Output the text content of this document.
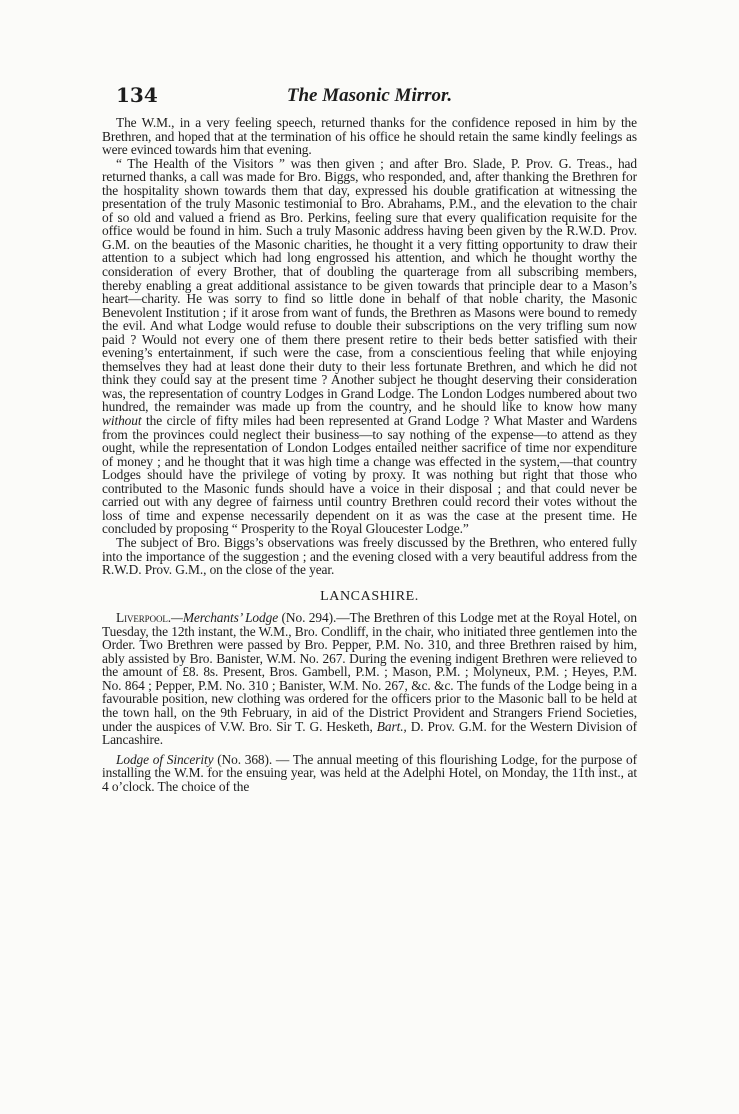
134	The Masonic Mirror.

The W.M., in a very feeling speech, returned thanks for the confidence reposed in him by the Brethren, and hoped that at the termination of his office he should retain the same kindly feelings as were evinced towards him that evening.

“ The Health of the Visitors ” was then given ; and after Bro. Slade, P. Prov. G. Treas., had returned thanks, a call was made for Bro. Biggs, who responded, and, after thanking the Brethren for the hospitality shown towards them that day, expressed his double gratification at witnessing the presentation of the truly Masonic testimonial to Bro. Abrahams, P.M., and the elevation to the chair of so old and valued a friend as Bro. Perkins, feeling sure that every qualification requisite for the office would be found in him. Such a truly Masonic address having been given by the R.W.D. Prov. G.M. on the beauties of the Masonic charities, he thought it a very fitting opportunity to draw their attention to a subject which had long engrossed his attention, and which he thought worthy the consideration of every Brother, that of doubling the quarterage from all subscribing members, thereby enabling a great additional assistance to be given towards that principle dear to a Mason’s heart—charity. He was sorry to find so little done in behalf of that noble charity, the Masonic Benevolent Institution ; if it arose from want of funds, the Brethren as Masons were bound to remedy the evil. And what Lodge would refuse to double their subscriptions on the very trifling sum now paid ? Would not every one of them there present retire to their beds better satisfied with their evening’s entertainment, if such were the case, from a conscientious feeling that while enjoying themselves they had at least done their duty to their less fortunate Brethren, and which he did not think they could say at the present time ? Another subject he thought deserving their consideration was, the representation of country Lodges in Grand Lodge. The London Lodges numbered about two hundred, the remainder was made up from the country, and he should like to know how many without the circle of fifty miles had been represented at Grand Lodge ? What Master and Wardens from the provinces could neglect their business—to say nothing of the expense—to attend as they ought, while the representation of London Lodges entailed neither sacrifice of time nor expenditure of money ; and he thought that it was high time a change was effected in the system,—that country Lodges should have the privilege of voting by proxy. It was nothing but right that those who contributed to the Masonic funds should have a voice in their disposal ; and that could never be carried out with any degree of fairness until country Brethren could record their votes without the loss of time and expense necessarily dependent on it as was the case at the present time. He concluded by proposing “ Prosperity to the Royal Gloucester Lodge.”

The subject of Bro. Biggs’s observations was freely discussed by the Brethren, who entered fully into the importance of the suggestion ; and the evening closed with a very beautiful address from the R.W.D. Prov. G.M., on the close of the year.

LANCASHIRE.

Liverpool.—Merchants’ Lodge (No. 294).—The Brethren of this Lodge met at the Royal Hotel, on Tuesday, the 12th instant, the W.M., Bro. Condliff, in the chair, who initiated three gentlemen into the Order. Two Brethren were passed by Bro. Pepper, P.M. No. 310, and three Brethren raised by him, ably assisted by Bro. Banister, W.M. No. 267. During the evening indigent Brethren were relieved to the amount of £8. 8s. Present, Bros. Gambell, P.M. ; Mason, P.M. ; Molyneux, P.M. ; Heyes, P.M. No. 864 ; Pepper, P.M. No. 310 ; Banister, W.M. No. 267, &c. &c. The funds of the Lodge being in a favourable position, new clothing was ordered for the officers prior to the Masonic ball to be held at the town hall, on the 9th February, in aid of the District Provident and Strangers Friend Societies, under the auspices of V.W. Bro. Sir T. G. Hesketh, Bart., D. Prov. G.M. for the Western Division of Lancashire.

Lodge of Sincerity (No. 368). — The annual meeting of this flourishing Lodge, for the purpose of installing the W.M. for the ensuing year, was held at the Adelphi Hotel, on Monday, the 11th inst., at 4 o’clock. The choice of the
